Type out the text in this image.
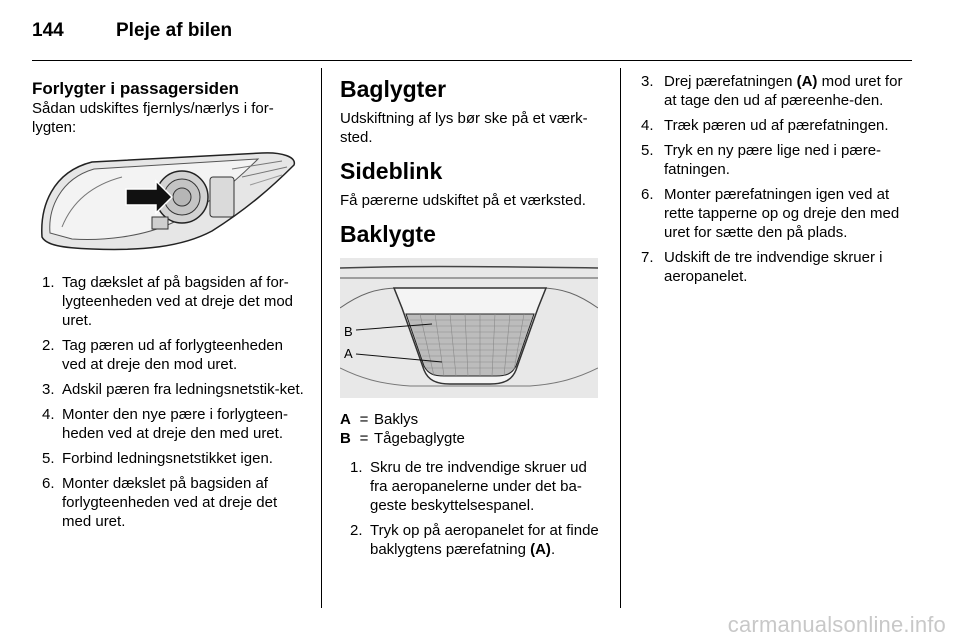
144	Pleje af bilen
Forlygter i passagersiden
Sådan udskiftes fjernlys/nærlys i for-lygten:
1. Tag dækslet af på bagsiden af for-lygteenheden ved at dreje det mod uret.
2. Tag pæren ud af forlygteenheden ved at dreje den mod uret.
3. Adskil pæren fra ledningsnetstik-ket.
4. Monter den nye pære i forlygteen-heden ved at dreje den med uret.
5. Forbind ledningsnetstikket igen.
6. Monter dækslet på bagsiden af forlygteenheden ved at dreje det med uret.
Baglygter
Udskiftning af lys bør ske på et værk-sted.
Sideblink
Få pærerne udskiftet på et værksted.
Baklygte
B
A
A = Baklys
B = Tågebaglygte
1. Skru de tre indvendige skruer ud fra aeropanelerne under det ba-geste beskyttelsespanel.
2. Tryk op på aeropanelet for at finde baklygtens pærefatning (A).
3. Drej pærefatningen (A) mod uret for at tage den ud af pæreenhe-den.
4. Træk pæren ud af pærefatningen.
5. Tryk en ny pære lige ned i pære-fatningen.
6. Monter pærefatningen igen ved at rette tapperne op og dreje den med uret for sætte den på plads.
7. Udskift de tre indvendige skruer i aeropanelet.
carmanualsonline.info
